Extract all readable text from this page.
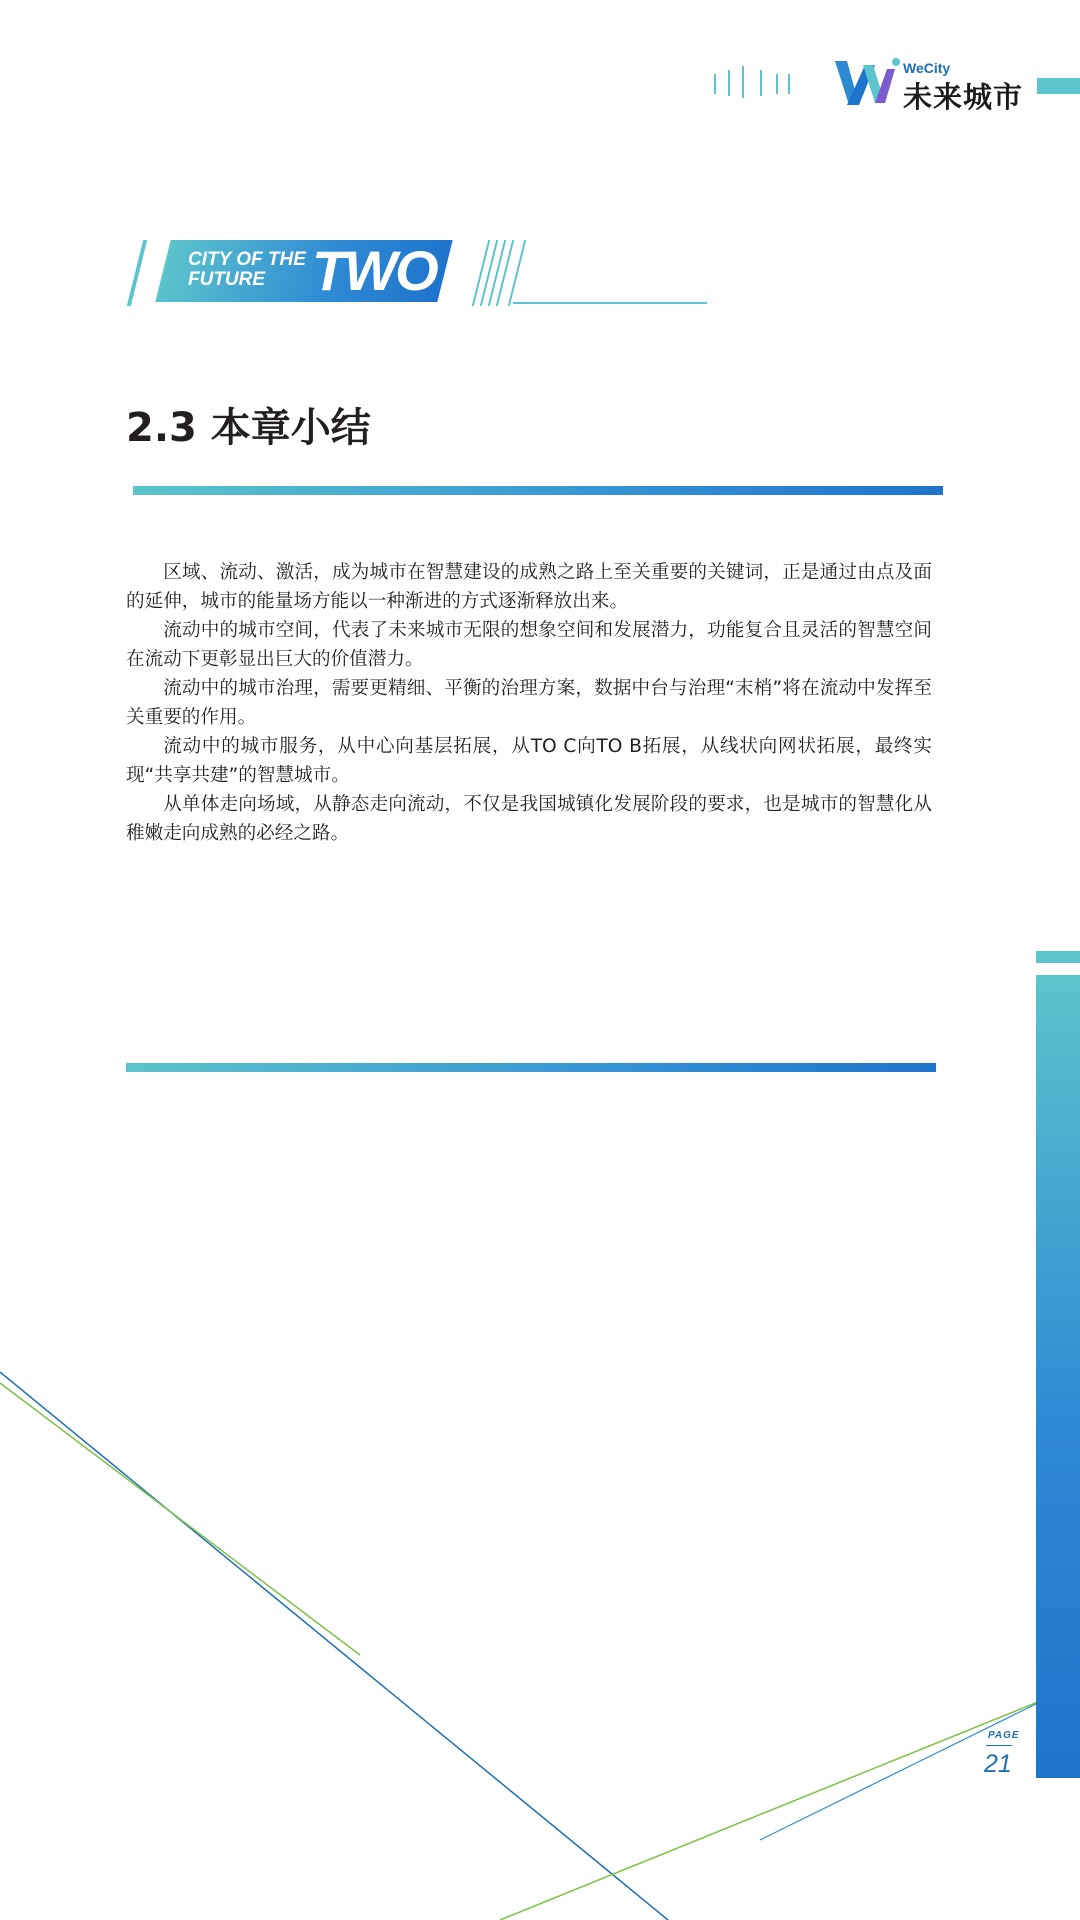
WeCity
未来城市
CITY OF THE
FUTURE TWO
2.3 本章小结

区域、流动、激活，成为城市在智慧建设的成熟之路上至关重要的关键词，正是通过由点及面的延伸，城市的能量场方能以一种渐进的方式逐渐释放出来。

流动中的城市空间，代表了未来城市无限的想象空间和发展潜力，功能复合且灵活的智慧空间在流动下更彰显出巨大的价值潜力。

流动中的城市治理，需要更精细、平衡的治理方案，数据中台与治理“末梢”将在流动中发挥至关重要的作用。

流动中的城市服务，从中心向基层拓展，从TO C向TO B拓展，从线状向网状拓展，最终实现“共享共建”的智慧城市。

从单体走向场域，从静态走向流动，不仅是我国城镇化发展阶段的要求，也是城市的智慧化从稚嫩走向成熟的必经之路。

PAGE
21
